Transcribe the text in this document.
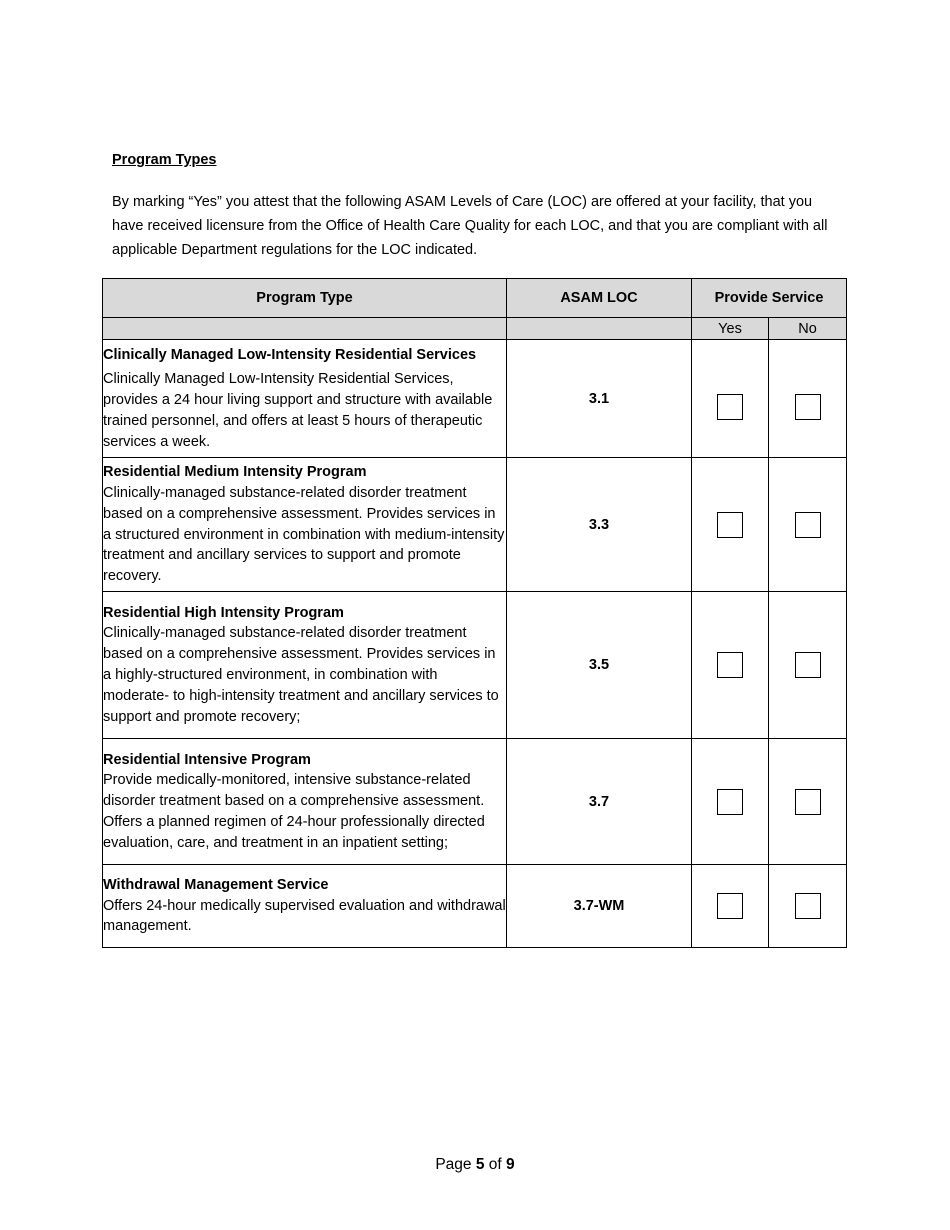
Program Types

By marking “Yes” you attest that the following ASAM Levels of Care (LOC) are offered at your facility, that you have received licensure from the Office of Health Care Quality for each LOC, and that you are compliant with all applicable Department regulations for the LOC indicated.

Program Type	ASAM LOC	Provide Service	
		Yes	No

Clinically Managed Low-Intensity Residential Services
Clinically Managed Low-Intensity Residential Services, provides a 24 hour living support and structure with available trained personnel, and offers at least 5 hours of therapeutic services a week.	3.1		

Residential Medium Intensity Program
Clinically-managed substance-related disorder treatment based on a comprehensive assessment. Provides services in a structured environment in combination with medium-intensity treatment and ancillary services to support and promote recovery.	3.3		

Residential High Intensity Program
Clinically-managed substance-related disorder treatment based on a comprehensive assessment. Provides services in a highly-structured environment, in combination with moderate- to high-intensity treatment and ancillary services to support and promote recovery;	3.5		

Residential Intensive Program
Provide medically-monitored, intensive substance-related disorder treatment based on a comprehensive assessment. Offers a planned regimen of 24-hour professionally directed evaluation, care, and treatment in an inpatient setting;	3.7		

Withdrawal Management Service
Offers 24-hour medically supervised evaluation and withdrawal management.	3.7-WM		
Page 5 of 9
